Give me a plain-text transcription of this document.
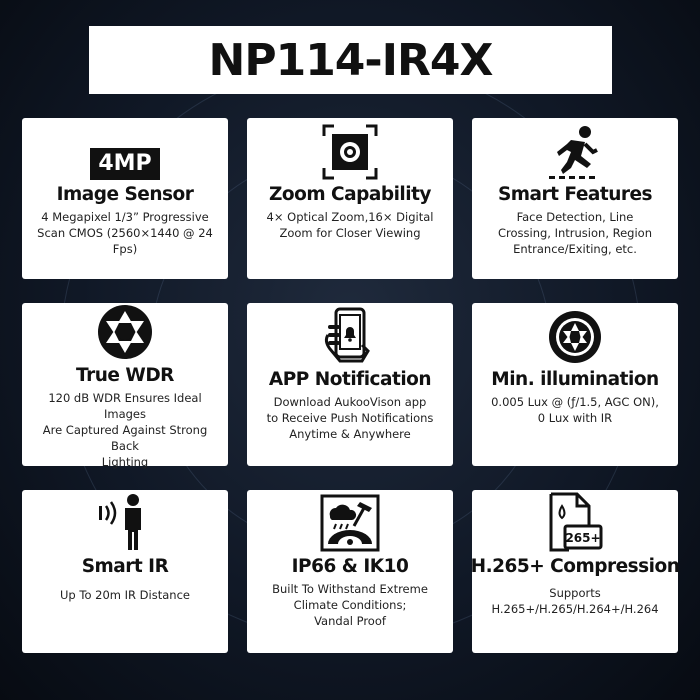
NP114-IR4X
4MP
Image Sensor
4 Megapixel 1/3” Progressive
Scan CMOS (2560×1440 @ 24 Fps)
Zoom Capability
4× Optical Zoom,16× Digital
Zoom for Closer Viewing
Smart Features
Face Detection, Line
Crossing, Intrusion, Region
Entrance/Exiting, etc.
True WDR
120 dB WDR Ensures Ideal Images
Are Captured Against Strong Back
Lighting
APP Notification
Download AukooVison app
to Receive Push Notifications
Anytime & Anywhere
Min. illumination
0.005 Lux @ (ƒ/1.5, AGC ON),
0 Lux with IR
Smart IR
Up To 20m IR Distance
IP66 & IK10
Built To Withstand Extreme
Climate Conditions;
Vandal Proof
265+
H.265+ Compression
Supports
H.265+/H.265/H.264+/H.264
